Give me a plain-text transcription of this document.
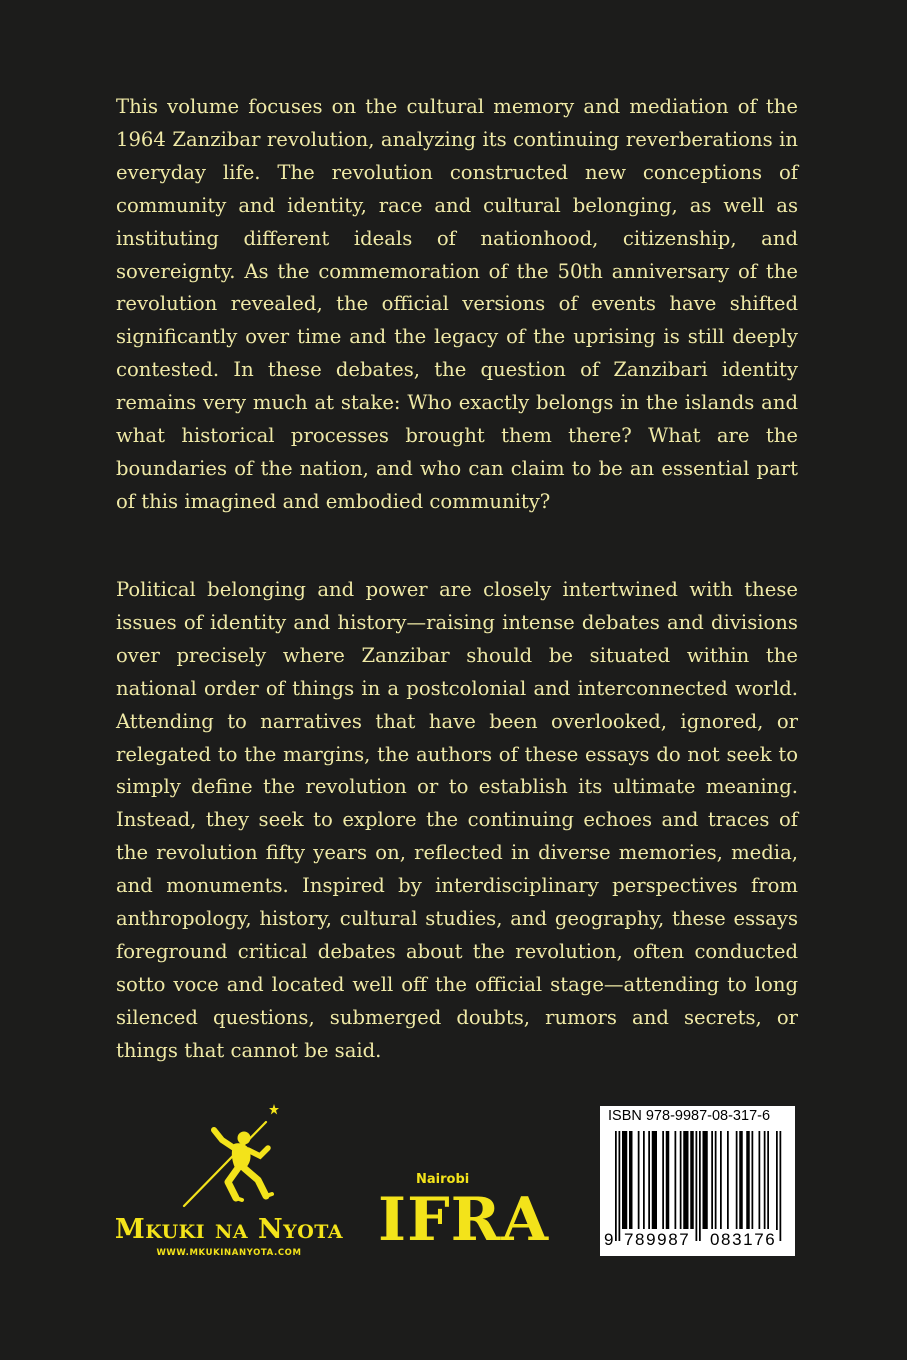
This volume focuses on the cultural memory and mediation of the 1964 Zanzibar revolution, analyzing its continuing reverberations in everyday life. The revolution constructed new conceptions of community and identity, race and cultural belonging, as well as instituting different ideals of nationhood, citizenship, and sovereignty. As the commemoration of the 50th anniversary of the revolution revealed, the official versions of events have shifted significantly over time and the legacy of the uprising is still deeply contested. In these debates, the question of Zanzibari identity remains very much at stake: Who exactly belongs in the islands and what historical processes brought them there? What are the boundaries of the nation, and who can claim to be an essential part of this imagined and embodied community?

Political belonging and power are closely intertwined with these issues of identity and history—raising intense debates and divisions over precisely where Zanzibar should be situated within the national order of things in a postcolonial and interconnected world. Attending to narratives that have been overlooked, ignored, or relegated to the margins, the authors of these essays do not seek to simply define the revolution or to establish its ultimate meaning. Instead, they seek to explore the continuing echoes and traces of the revolution fifty years on, reflected in diverse memories, media, and monuments. Inspired by interdisciplinary perspectives from anthropology, history, cultural studies, and geography, these essays foreground critical debates about the revolution, often conducted sotto voce and located well off the official stage—attending to long silenced questions, submerged doubts, rumors and secrets, or things that cannot be said.

Mkuki na Nyota
WWW.MKUKINANYOTA.COM
Nairobi
IFRA
ISBN 978-9987-08-317-6
9 789987 083176
